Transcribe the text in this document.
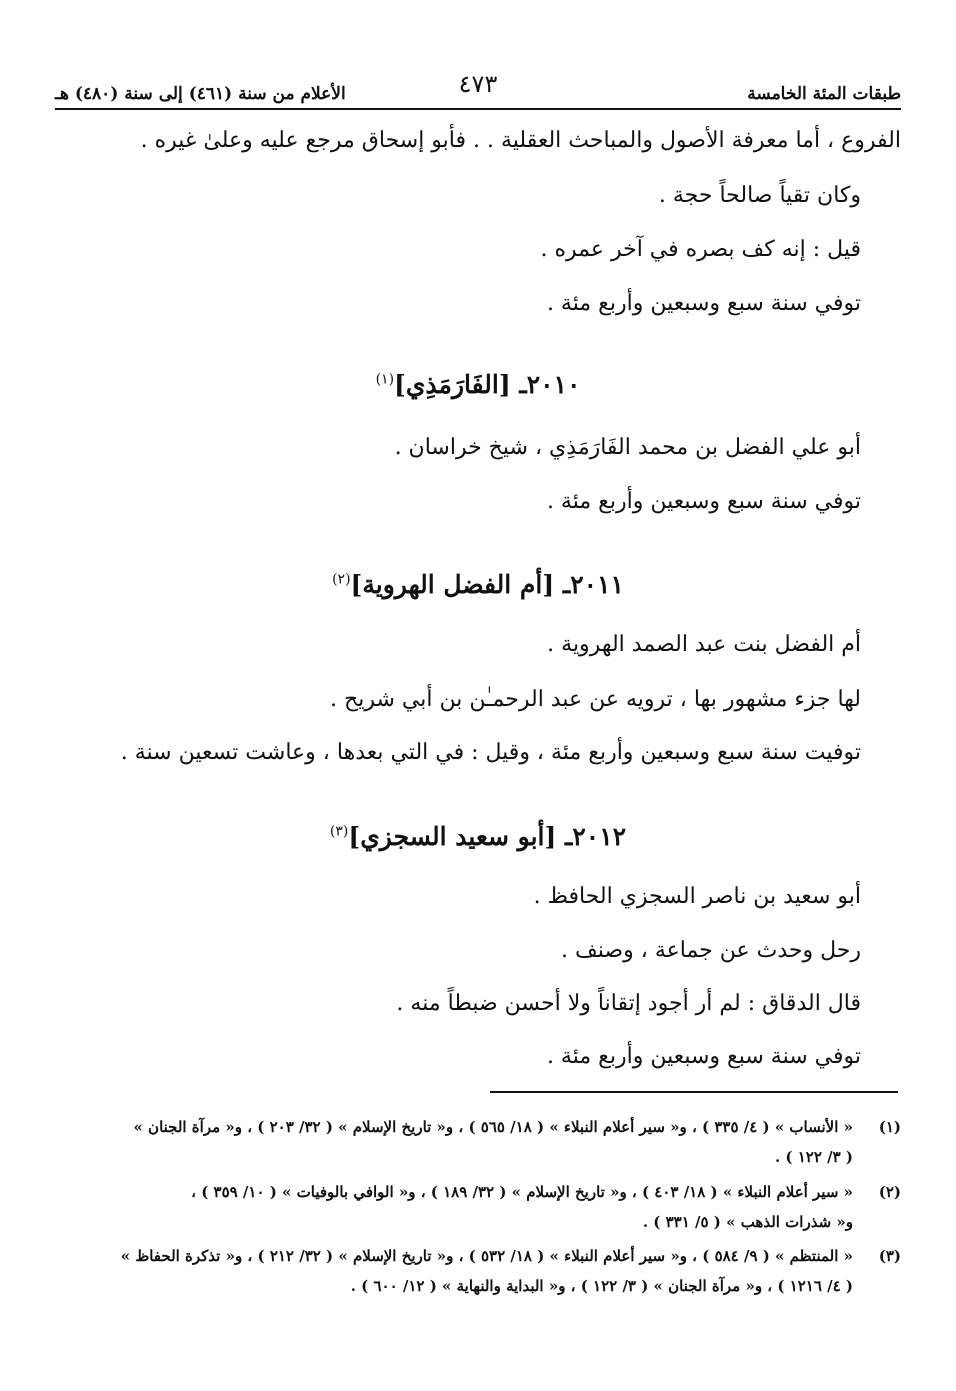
طبقات المئة الخامسة
٤٧٣
الأعلام من سنة (٤٦١) إلى سنة (٤٨٠) هـ
الفروع ، أما معرفة الأصول والمباحث العقلية . . فأبو إسحاق مرجع عليه وعلىٰ غيره .
وكان تقياً صالحاً حجة .
قيل : إنه كف بصره في آخر عمره .
توفي سنة سبع وسبعين وأربع مئة .
٢٠١٠ـ [الفَارَمَذِي]$^{(١)}$
أبو علي الفضل بن محمد الفَارَمَذِي ، شيخ خراسان .
توفي سنة سبع وسبعين وأربع مئة .
٢٠١١ـ [أم الفضل الهروية]$^{(٢)}$
أم الفضل بنت عبد الصمد الهروية .
لها جزء مشهور بها ، ترويه عن عبد الرحمـٰن بن أبي شريح .
توفيت سنة سبع وسبعين وأربع مئة ، وقيل : في التي بعدها ، وعاشت تسعين سنة .
٢٠١٢ـ [أبو سعيد السجزي]$^{(٣)}$
أبو سعيد بن ناصر السجزي الحافظ .
رحل وحدث عن جماعة ، وصنف .
قال الدقاق : لم أر أجود إتقاناً ولا أحسن ضبطاً منه .
توفي سنة سبع وسبعين وأربع مئة .
(١)
« الأنساب » ( ٤/ ٣٣٥ ) ، و« سير أعلام النبلاء » ( ١٨/ ٥٦٥ ) ، و« تاريخ الإسلام » ( ٣٢/ ٢٠٣ ) ، و« مرآة الجنان »
( ٣/ ١٢٢ ) .
(٢)
« سير أعلام النبلاء » ( ١٨/ ٤٠٣ ) ، و« تاريخ الإسلام » ( ٣٢/ ١٨٩ ) ، و« الوافي بالوفيات » ( ١٠/ ٣٥٩ ) ،
و« شذرات الذهب » ( ٥/ ٣٣١ ) .
(٣)
« المنتظم » ( ٩/ ٥٨٤ ) ، و« سير أعلام النبلاء » ( ١٨/ ٥٣٢ ) ، و« تاريخ الإسلام » ( ٣٢/ ٢١٢ ) ، و« تذكرة الحفاظ »
( ٤/ ١٢١٦ ) ، و« مرآة الجنان » ( ٣/ ١٢٢ ) ، و« البداية والنهاية » ( ١٢/ ٦٠٠ ) .
